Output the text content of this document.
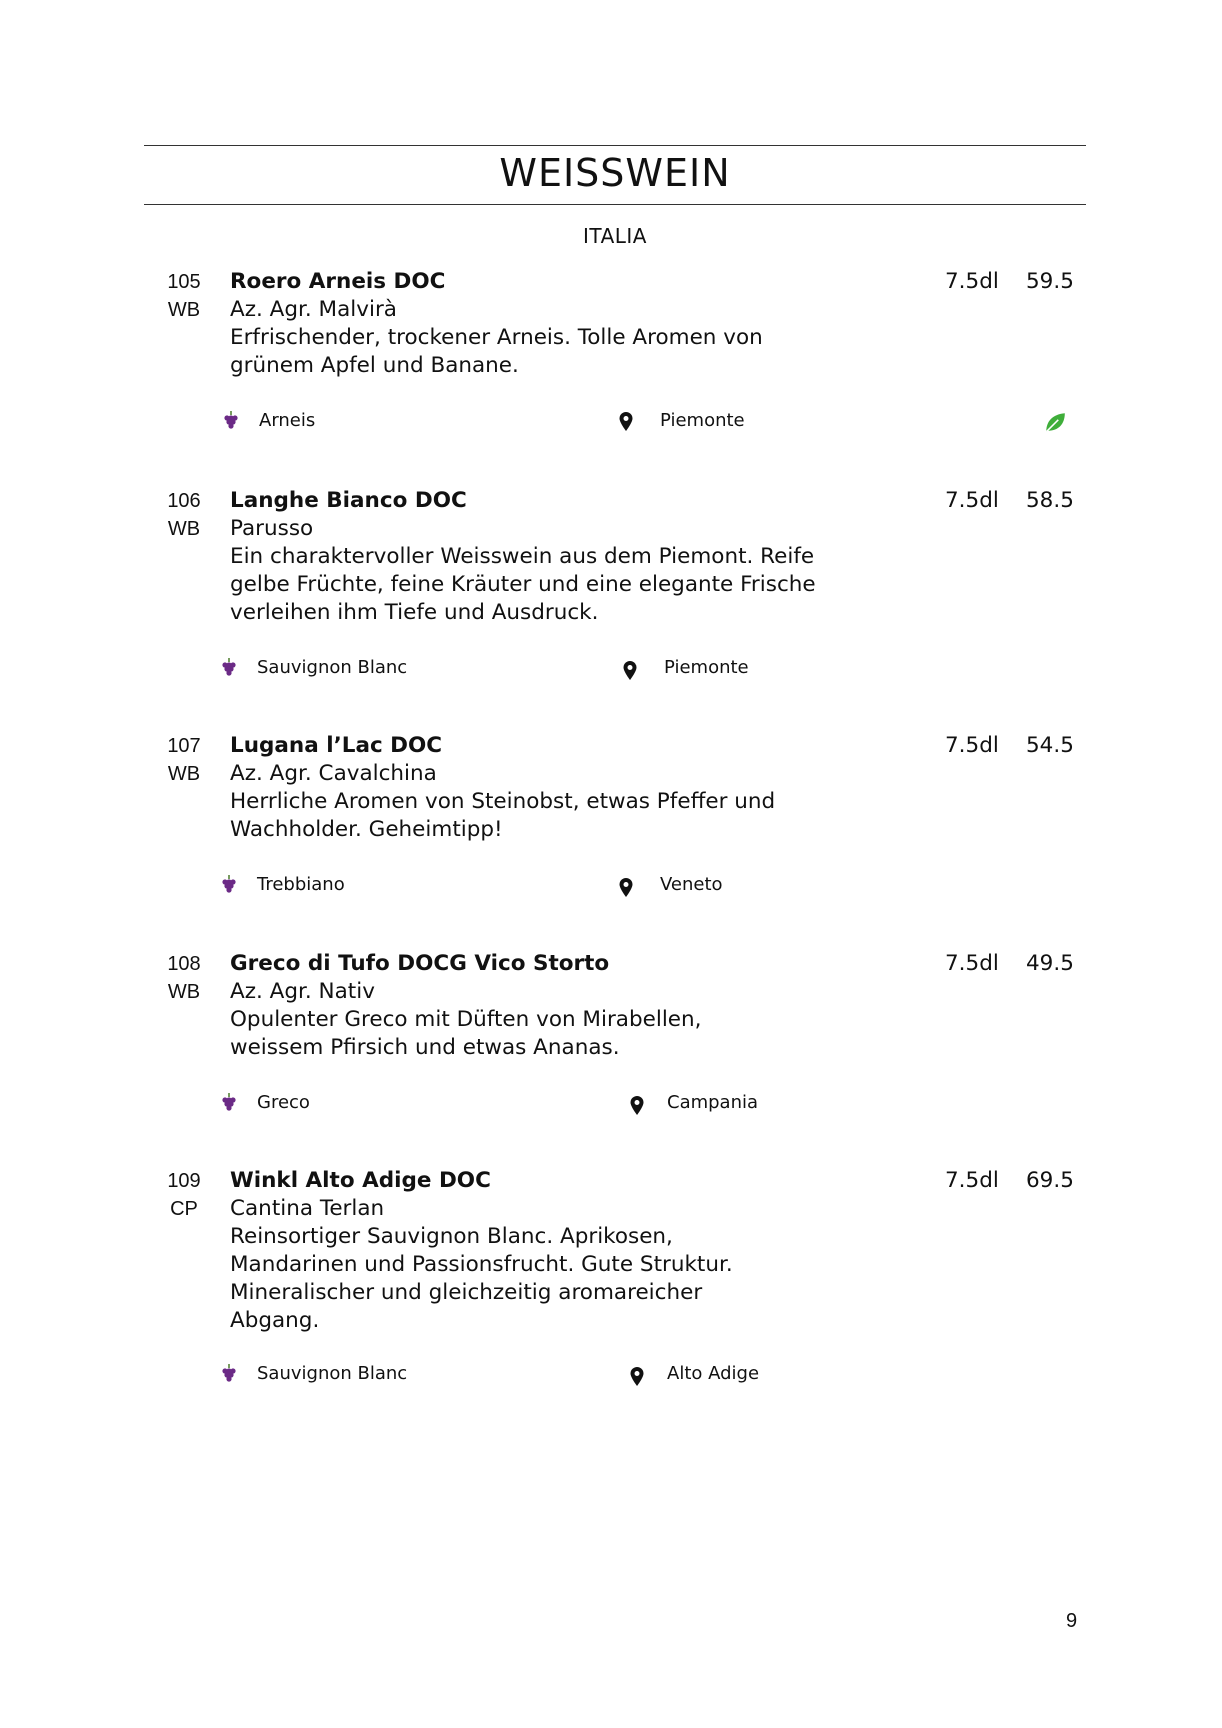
WEISSWEIN
ITALIA
105
WB
Roero Arneis DOC
Az. Agr. Malvirà
Erfrischender, trockener Arneis. Tolle Aromen von grünem Apfel und Banane.
7.5dl 59.5
Arneis	Piemonte
106
WB
Langhe Bianco DOC
Parusso
Ein charaktervoller Weisswein aus dem Piemont. Reife gelbe Früchte, feine Kräuter und eine elegante Frische verleihen ihm Tiefe und Ausdruck.
7.5dl 58.5
Sauvignon Blanc	Piemonte
107
WB
Lugana l’Lac DOC
Az. Agr. Cavalchina
Herrliche Aromen von Steinobst, etwas Pfeffer und Wachholder. Geheimtipp!
7.5dl 54.5
Trebbiano	Veneto
108
WB
Greco di Tufo DOCG Vico Storto
Az. Agr. Nativ
Opulenter Greco mit Düften von Mirabellen, weissem Pfirsich und etwas Ananas.
7.5dl 49.5
Greco	Campania
109
CP
Winkl Alto Adige DOC
Cantina Terlan
Reinsortiger Sauvignon Blanc. Aprikosen, Mandarinen und Passionsfrucht. Gute Struktur. Mineralischer und gleichzeitig aromareicher Abgang.
7.5dl 69.5
Sauvignon Blanc	Alto Adige
9
